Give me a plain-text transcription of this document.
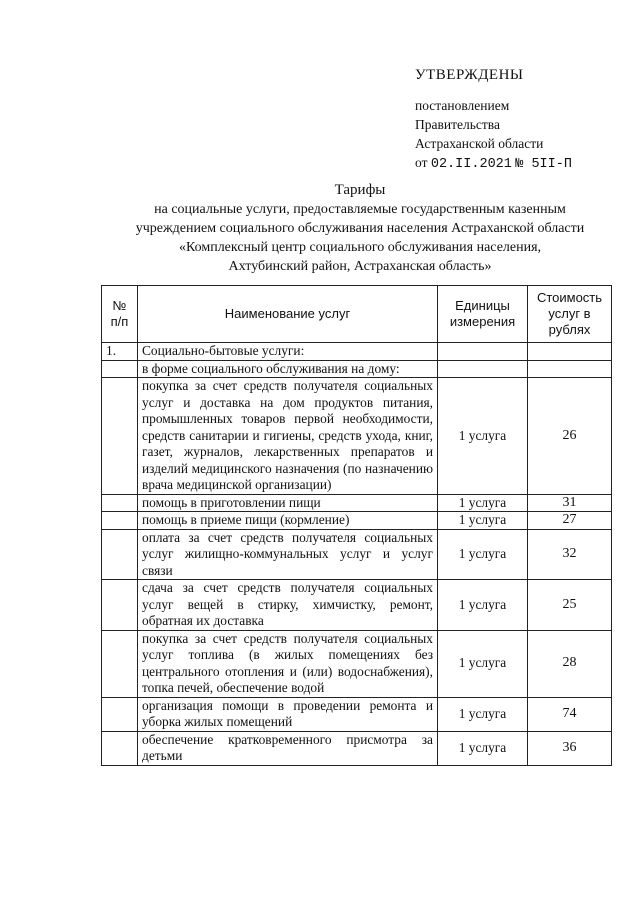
УТВЕРЖДЕНЫ
постановлением
Правительства
Астраханской области
от 02.II.2021 № 5II-П
Тарифы
на социальные услуги, предоставляемые государственным казенным
учреждением социального обслуживания населения Астраханской области
«Комплексный центр социального обслуживания населения,
Ахтубинский район, Астраханская область»
№ п/п	Наименование услуг	Единицы измерения	Стоимость услуг в рублях
1.	Социально-бытовые услуги:		
	в форме социального обслуживания на дому:		
	покупка за счет средств получателя социальных услуг и доставка на дом продуктов питания, промышленных товаров первой необходимости, средств санитарии и гигиены, средств ухода, книг, газет, журналов, лекарственных препаратов и изделий медицинского назначения (по назначению врача медицинской организации)	1 услуга	26
	помощь в приготовлении пищи	1 услуга	31
	помощь в приеме пищи (кормление)	1 услуга	27
	оплата за счет средств получателя социальных услуг жилищно-коммунальных услуг и услуг связи	1 услуга	32
	сдача за счет средств получателя социальных услуг вещей в стирку, химчистку, ремонт, обратная их доставка	1 услуга	25
	покупка за счет средств получателя социальных услуг топлива (в жилых помещениях без центрального отопления и (или) водоснабжения), топка печей, обеспечение водой	1 услуга	28
	организация помощи в проведении ремонта и уборка жилых помещений	1 услуга	74
	обеспечение кратковременного присмотра за детьми	1 услуга	36
